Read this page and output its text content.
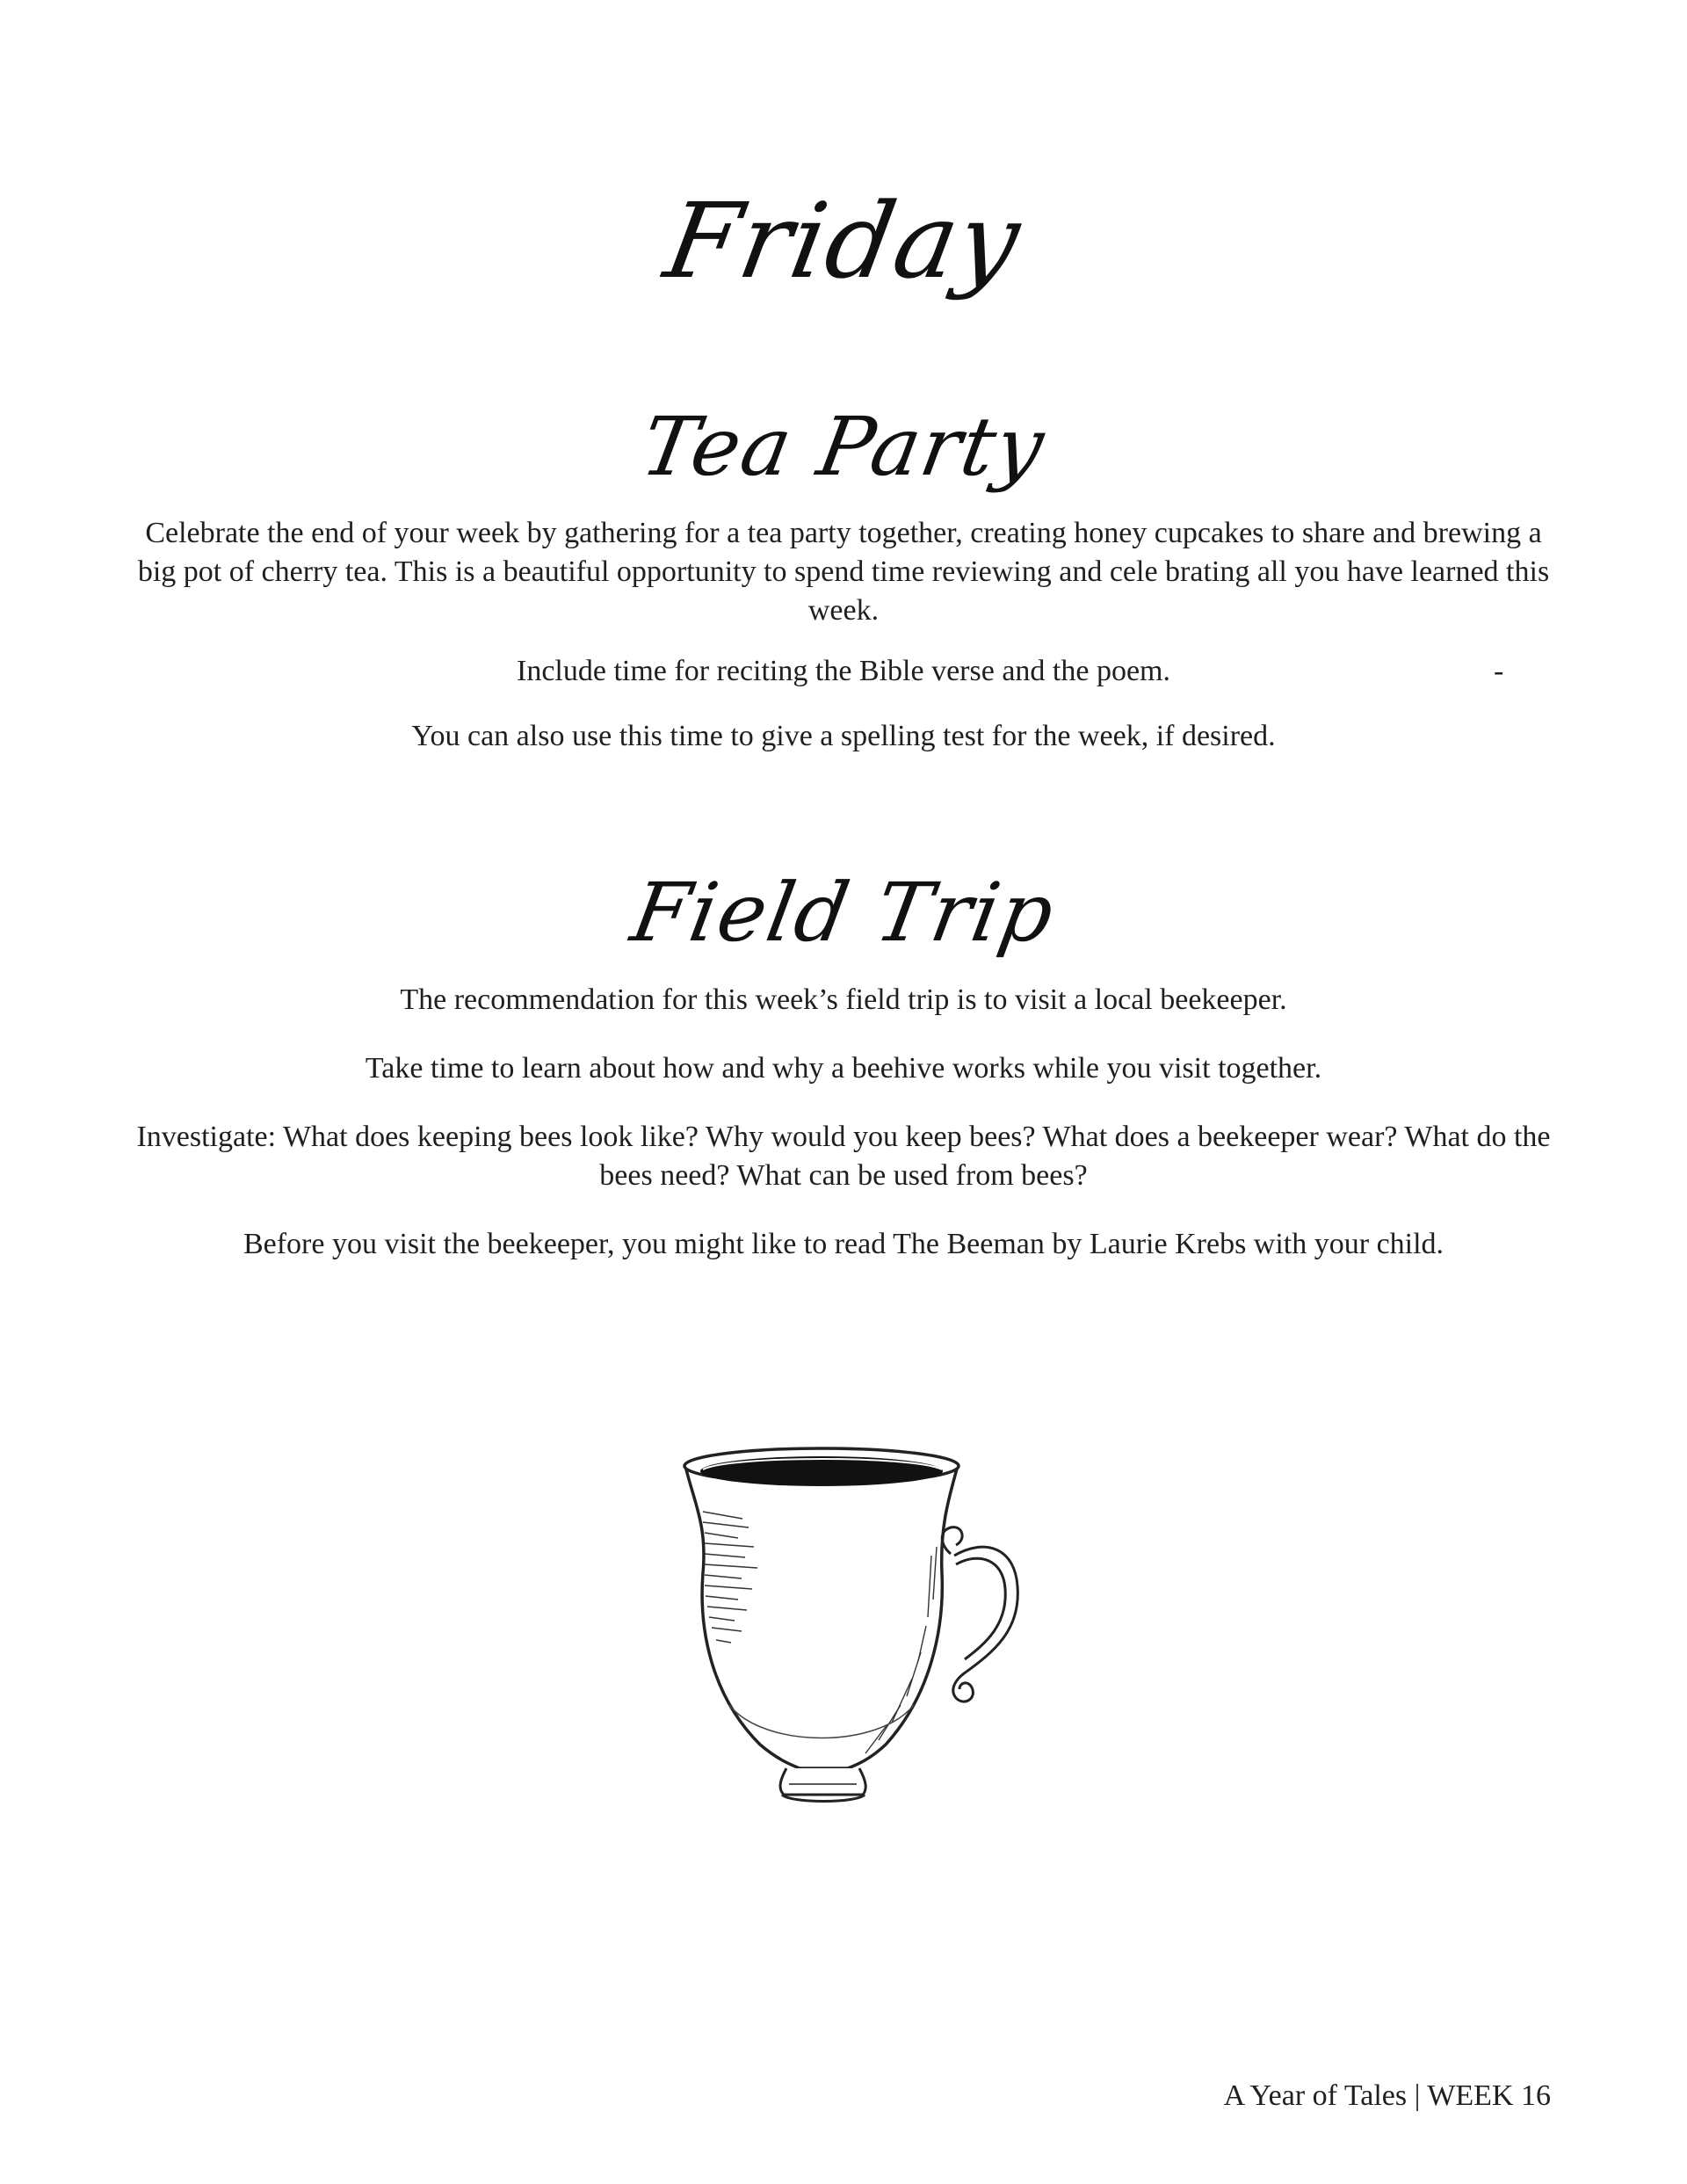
Friday
Tea Party

Celebrate the end of your week by gathering for a tea party together, creating honey cupcakes to share and brewing a big pot of cherry tea. This is a beautiful opportunity to spend time reviewing and cele brating all you have learned this week.

Include time for reciting the Bible verse and the poem.	-

You can also use this time to give a spelling test for the week, if desired.

Field Trip

The recommendation for this week’s field trip is to visit a local beekeeper.

Take time to learn about how and why a beehive works while you visit together.

Investigate: What does keeping bees look like? Why would you keep bees? What does a beekeeper wear? What do the bees need? What can be used from bees?

Before you visit the beekeeper, you might like to read The Beeman by Laurie Krebs with your child.

A Year of Tales | WEEK 16
